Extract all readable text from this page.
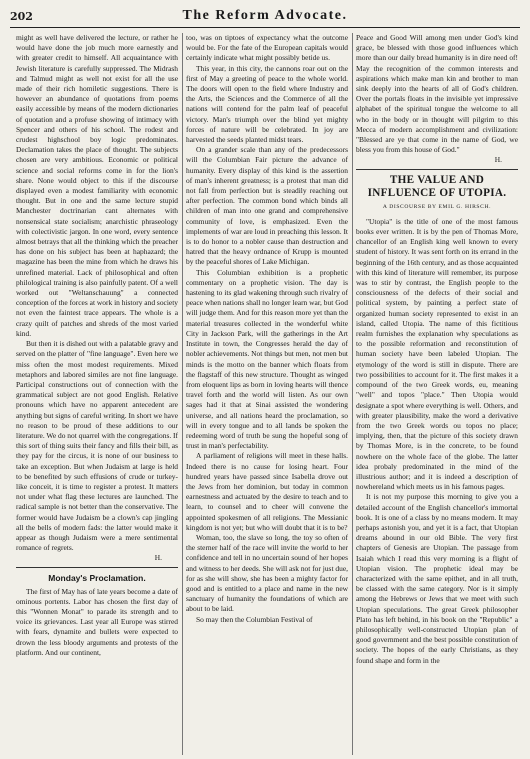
202	The Reform Advocate.

might as well have delivered the lecture, or rather he would have done the job much more earnestly and with greater credit to himself. All acquaintance with Jewish literature is carefully suppressed. The Midrash and Talmud might as well not exist for all the use made of their rich homiletic suggestions. There is however an abundance of quotations from poems easily accessible by means of the modern dictionaries of quotation and a profuse showing of intimacy with Spencer and others of his school. The rodest and crudest highschool boy logic predominates. Declamation takes the place of thought. The subjects chosen are very ambitious. Economic or political science and social reforms come in for the lion's share. None would object to this if the discourse displayed even a modest familiarity with economic thought. But in one and the same lecture stupid Manchester doctrinarian cant alternates with nonsensical state socialism; anarchistic phraseology with colectivistic jargon. In one word, every sentence almost betrays that all the thinking which the preacher has done on his subject has been at haphazard; the magazine has been the mine from which he draws his unrefined material. Lack of philosophical and often philological training is also painfully patent. Of a well worked out "Weltanschauung" a connected conception of the forces at work in history and society not even the faintest trace appears. The whole is a crazy quilt of patches and shreds of the most varied kind.

But then it is dished out with a palatable gravy and served on the platter of "fine language". Even here we miss often the most modest requirements. Mixed metaphors and labored similes are not fine language. Participal constructions out of connection with the grammatical subject are not good English. Relative pronouns which have no apparent antecedent are anything but signs of careful writing. In short we have no reason to be proud of these additions to our literature. We do not quarrel with the congregations. If this sort of thing suits their fancy and fills their bill, as they pay for the circus, it is none of our business to take an exception. But when Judaism at large is held to be benefited by such effusions of crude or turkey-like conceit, it is time to register a protest. It matters not under what flag these lectures are launched. The radical sample is not better than the conservative. The former would have Judaism be a clown's cap jingling all the bells of modern fads: the latter would make it appear as though Judaism were a mere sentimental romance of regrets.

H.

Monday's Proclamation.

The first of May has of late years become a date of ominous portents. Labor has chosen the first day of this "Wonnen Monat" to parade its strength and to voice its grievances. Last year all Europe was stirred with fears, dynamite and bullets were expected to drown the less bloody arguments and protests of the platform. And our continent,

too, was on tiptoes of expectancy what the outcome would be. For the fate of the European capitals would certainly indicate what might possibly betide us.

This year, in this city, the cannons roar out on the first of May a greeting of peace to the whole world. The doors will open to the field where Industry and the Arts, the Sciences and the Commerce of all the nations will contend for the palm leaf of peaceful victory. Man's triumph over the blind yet mighty forces of nature will be celebrated. In joy are harvested the seeds planted midst tears.

On a grander scale than any of the predecessors will the Columbian Fair picture the advance of humanity. Every display of this kind is the assertion of man's inherent greatness; is a protest that man did not fall from perfection but is steadily reaching out after perfection. The common bond which binds all children of man into one grand and comprehensive community of love, is emphasized. Even the implements of war are loud in preaching this lesson. It is to do honor to a nobler cause than destruction and hatred that the heavy ordnance of Krupp is mounted by the peaceful shores of Lake Michigan.

This Columbian exhibition is a prophetic commentary on a prophetic vision. The day is hastening to its glad wakening through such rivalry of peace when nations shall no longer learn war, but God will judge them. And for this reason more yet than the material treasures collected in the wonderful white City in Jackson Park, will the gatherings in the Art Institute in town, the Congresses herald the day of nobler achievements. Not things but men, not men but minds is the motto on the banner which floats from the flagstaff of this new structure. Thought as winged from eloquent lips as born in loving hearts will thence travel forth and the world will listen. As our own sages had it that at Sinai assisted the wondering universe, and all nations heard the proclamation, so will in every tongue and to all lands be spoken the redeeming word of truth be sung the hopeful song of trust in man's perfectability.

A parliament of religions will meet in these halls. Indeed there is no cause for losing heart. Four hundred years have passed since Isabella drove out the Jews from her dominion, but today in common earnestness and actuated by the desire to teach and to learn, to counsel and to cheer will convene the appointed spokesmen of all religions. The Messianic kingdom is not yet; but who will doubt that it is to be?

Woman, too, the slave so long, the toy so often of the sterner half of the race will invite the world to her confidence and tell in no uncertain sound of her hopes and witness to her deeds. She will ask not for just due, for as she will show, she has been a mighty factor for good and is entitled to a place and name in the new sanctuary of humanity the foundations of which are about to be laid.

So may then the Columbian Festival of

Peace and Good Will among men under God's kind grace, be blessed with those good influences which more than our daily bread humanity is in dire need of! May the recognition of the common interests and aspirations which make man kin and brother to man sink deeply into the hearts of all of God's children. Over the portals floats in the invisible yet impressive alphabet of the spiritual tongue the welcome to all who in the body or in thought will pilgrim to this Mecca of modern accomplishment and civilization: "Blessed are ye that come in the name of God, we bless you from this house of God."

H.

THE VALUE AND INFLUENCE OF UTOPIA.
A DISCOURSE BY EMIL G. HIRSCH.

"Utopia" is the title of one of the most famous books ever written. It is by the pen of Thomas More, chancellor of an English king well known to every student of history. It was sent forth on its errand in the beginning of the 16th century, and as those acquainted with this kind of literature will remember, its purpose was to stir by contrast, the English people to the consciousness of the defects of their social and political system, by painting a perfect state of organized human society represented to exist in an island, called Utopia. The name of this fictitious realm furnishes the explanation why speculations as to the possible reformation and reconstitution of human society have been labeled Utopian. The etymology of the word is still in dispute. There are two possibilities to account for it. The first makes it a compound of the two Greek words, eu, meaning "well" and topos "place." Then Utopia would designate a spot where everything is well. Others, and with greater plausibility, make the word a derivative from the two Greek words ou topos no place; implying, then, that the picture of this society drawn by Thomas More, is in the concrete, to be found nowhere on the whole face of the globe. The latter idea probaly predominated in the mind of the illustrious author; and it is indeed a description of nowhereland which meets us in his famous pages.

It is not my purpose this morning to give you a detailed account of the English chancellor's immortal book. It is one of a class by no means modern. It may perhaps astonish you, and yet it is a fact, that Utopian dreams abound in our old Bible. The very first chapters of Genesis are Utopian. The passage from Isaiah which I read this very morning is a flight of Utopian vision. The prophetic ideal may be characterized with the same epithet, and in all truth, be classed with the same category. Nor is it simply among the Hebrews or Jews that we meet with such Utopian speculations. The great Greek philosopher Plato has left behind, in his book on the "Republic" a philosophically well-constructed Utopian plan of good government and the best possible constitution of society. The hopes of the early Christians, as they found shape and form in the
